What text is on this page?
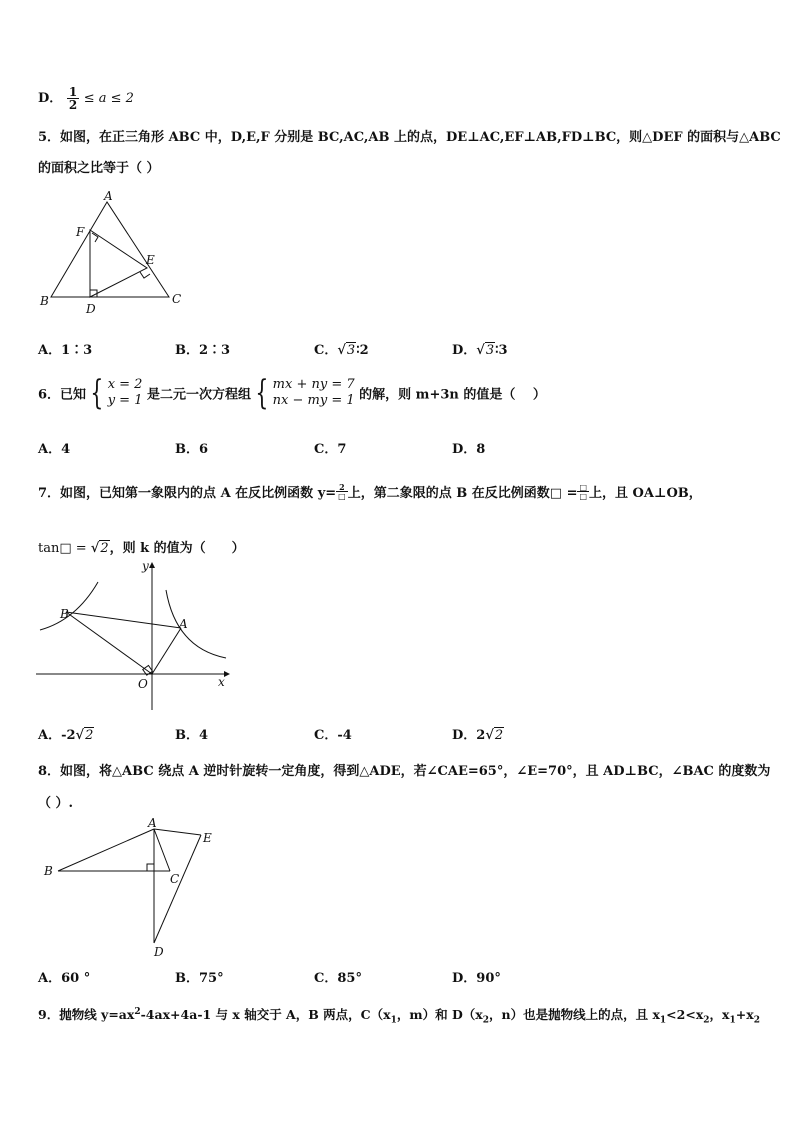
D． $\frac{1}{2} \le a \le 2$
5．如图，在正三角形 ABC 中，D,E,F 分别是 BC,AC,AB 上的点，DE⊥AC,EF⊥AB,FD⊥BC，则△DEF 的面积与△ABC
的面积之比等于（ ）
A
B	C
D
E
F
A．1∶3	B．2∶3	C．√3∶2	D．√3∶3
6．已知 { x = 2
y = 1 是二元一次方程组 { mx + ny = 7
nx − my = 1 的解，则 m+3n 的值是（　 ）
A．4	B．6	C．7	D．8
7．如图，已知第一象限内的点 A 在反比例函数 $y= \frac{2}{□}$ 上，第二象限的点 B 在反比例函数□ = $\frac{□}{□}$ 上，且 OA⊥OB，
tan□ = √2，则 k 的值为（　　）
y
x
O
A
B
A．-2√2	B．4	C．-4	D．2√2
8．如图，将△ABC 绕点 A 逆时针旋转一定角度，得到△ADE，若∠CAE=65°，∠E=70°，且 AD⊥BC，∠BAC 的度数为
（ ）.
A
B
C
D
E
A．60 °	B．75°	C．85°	D．90°
9．抛物线 $y=ax^2-4ax+4a-1$ 与 x 轴交于 A，B 两点，$C(x_1$，m）和 $D(x_2$，n）也是抛物线上的点，且 $x_1<2<x_2$，$x_1+x_2$
